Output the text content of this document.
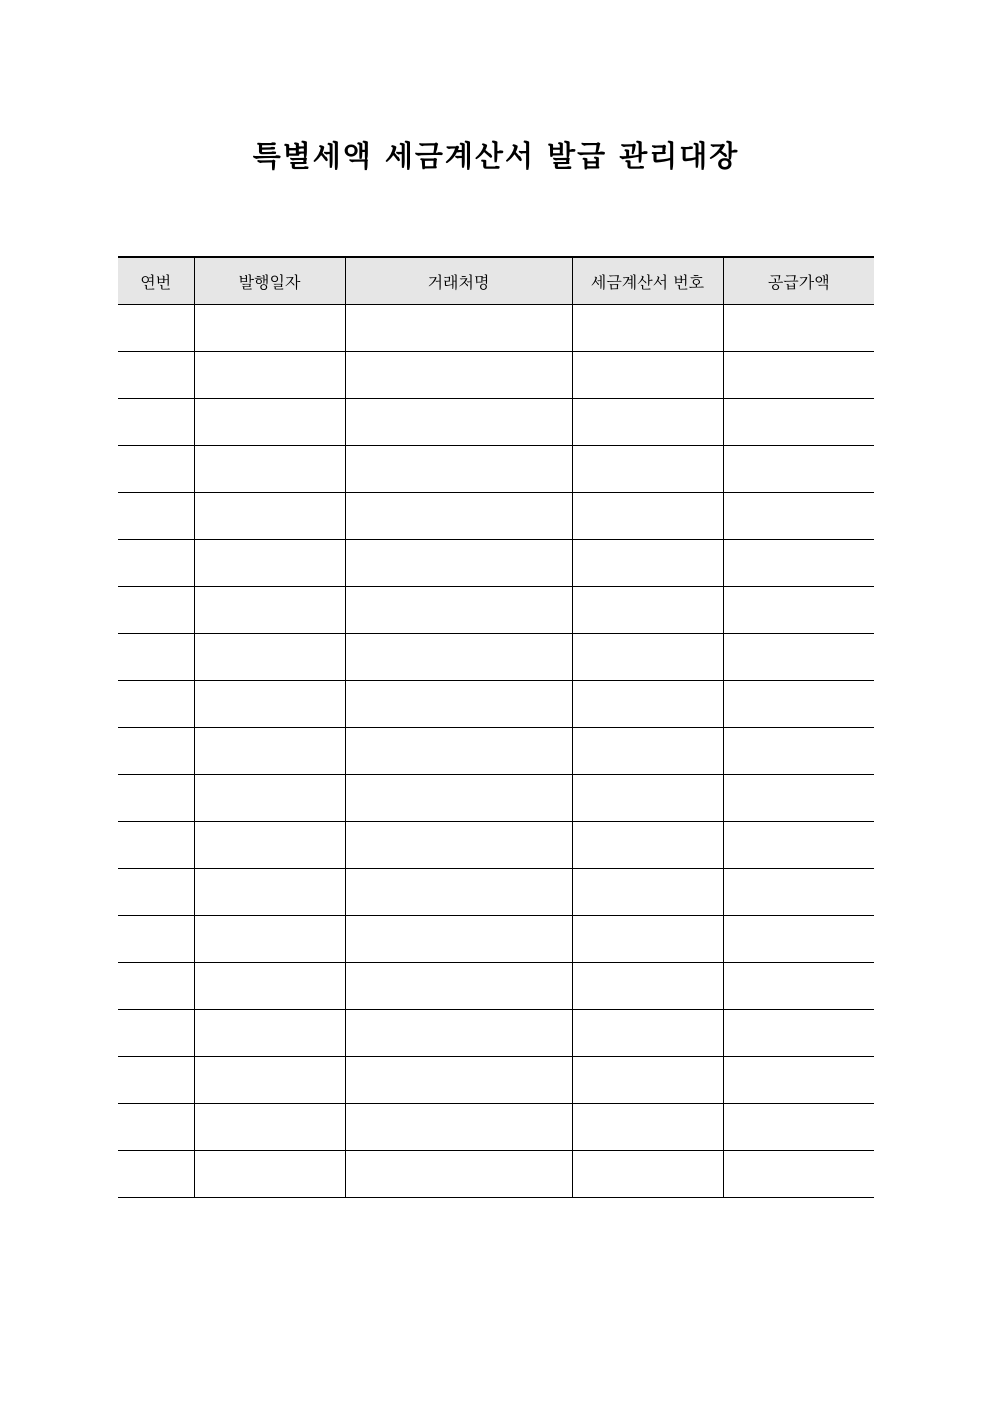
특별세액 세금계산서 발급 관리대장
연번	발행일자	거래처명	세금계산서 번호	공급가액
